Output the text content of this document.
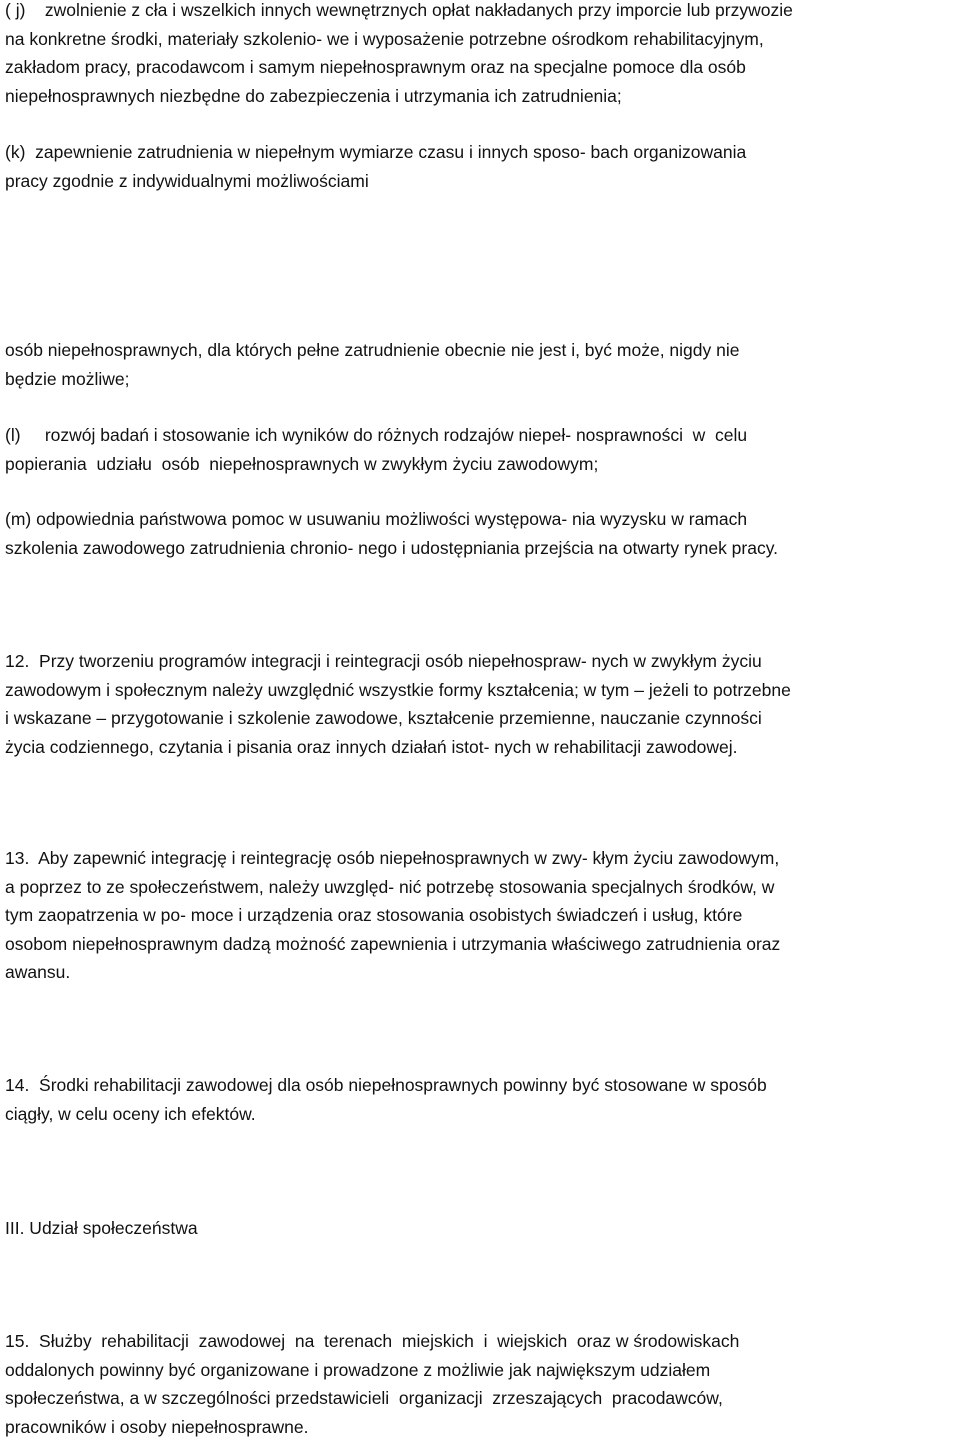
( j)    zwolnienie z cła i wszelkich innych wewnętrznych opłat nakładanych przy imporcie lub przywozie
na konkretne środki, materiały szkolenio- we i wyposażenie potrzebne ośrodkom rehabilitacyjnym,
zakładom pracy, pracodawcom i samym niepełnosprawnym oraz na specjalne pomoce dla osób
niepełnosprawnych niezbędne do zabezpieczenia i utrzymania ich zatrudnienia;
(k)  zapewnienie zatrudnienia w niepełnym wymiarze czasu i innych sposo- bach organizowania
pracy zgodnie z indywidualnymi możliwościami
osób niepełnosprawnych, dla których pełne zatrudnienie obecnie nie jest i, być może, nigdy nie
będzie możliwe;
(l)     rozwój badań i stosowanie ich wyników do różnych rodzajów niepeł- nosprawności  w  celu
popierania  udziału  osób  niepełnosprawnych w zwykłym życiu zawodowym;
(m) odpowiednia państwowa pomoc w usuwaniu możliwości występowa- nia wyzysku w ramach
szkolenia zawodowego zatrudnienia chronio- nego i udostępniania przejścia na otwarty rynek pracy.
12.  Przy tworzeniu programów integracji i reintegracji osób niepełnospraw- nych w zwykłym życiu
zawodowym i społecznym należy uwzględnić wszystkie formy kształcenia; w tym – jeżeli to potrzebne
i wskazane – przygotowanie i szkolenie zawodowe, kształcenie przemienne, nauczanie czynności
życia codziennego, czytania i pisania oraz innych działań istot- nych w rehabilitacji zawodowej.
13.  Aby zapewnić integrację i reintegrację osób niepełnosprawnych w zwy- kłym życiu zawodowym,
a poprzez to ze społeczeństwem, należy uwzględ- nić potrzebę stosowania specjalnych środków, w
tym zaopatrzenia w po- moce i urządzenia oraz stosowania osobistych świadczeń i usług, które
osobom niepełnosprawnym dadzą możność zapewnienia i utrzymania właściwego zatrudnienia oraz
awansu.
14.  Środki rehabilitacji zawodowej dla osób niepełnosprawnych powinny być stosowane w sposób
ciągły, w celu oceny ich efektów.
III. Udział społeczeństwa
15.  Służby  rehabilitacji  zawodowej  na  terenach  miejskich  i  wiejskich  oraz w środowiskach
oddalonych powinny być organizowane i prowadzone z możliwie jak największym udziałem
społeczeństwa, a w szczególności przedstawicieli  organizacji  zrzeszających  pracodawców,
pracowników i osoby niepełnosprawne.
